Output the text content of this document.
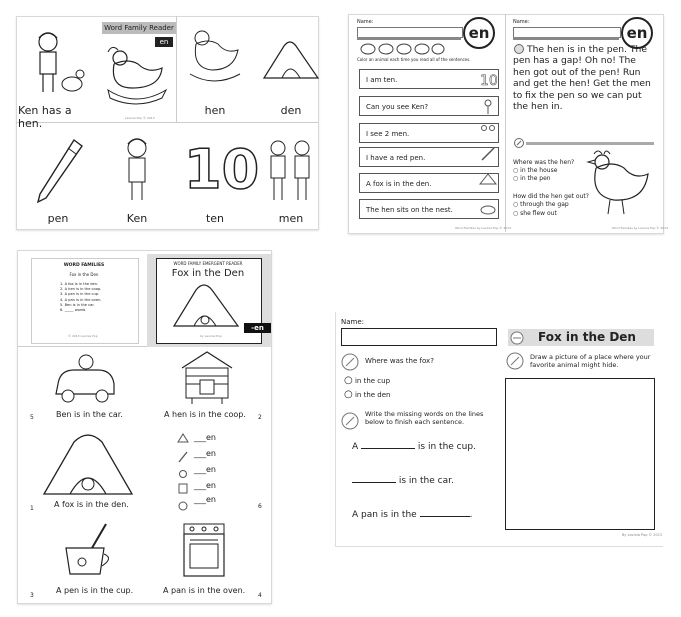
Word Family Reader
en
Ken has a hen.	Lavinia Pop © 2013
hen	den
pen	Ken
10
ten	men
Name:
en
Color an animal each time you read all of the sentences.
I am ten.
Can you see Ken?
I see 2 men.
I have a red pen.
A fox is in the den.
The hen sits on the nest.
10
Word Families by Lavinia Pop © 2013
Name:
en
The hen is in the pen. The pen has a gap! Oh no! The hen got out of the pen! Run and get the hen! Get the men to fix the pen so we can put the hen in.
Where was the hen?
○ in the house
○ in the pen
How did the hen get out?
○ through the gap
○ she flew out
Word Families by Lavinia Pop © 2013
WORD FAMILIES
Fox in the Den
1. A fox is in the den.
2. A hen is in the coop.
3. A pen is in the cup.
4. A pan is in the oven.
5. Ben is in the car.
6. _____ words
© 2013 Lavinia Pop
WORD FAMILY EMERGENT READER
Fox in the Den
-en
by Lavinia Pop
5	Ben is in the car.	A hen is in the coop. 2
1	A fox is in the den.
___en
___en
___en
___en
___en
6
3
A pen is in the cup.	A pan is in the oven.
4
Name:
Fox in the Den
Where was the fox?
○ in the cup
○ in the den
Write the missing words on the lines below to finish each sentence.
A	is in the cup.
is in the car.
A pan is in the	.
Draw a picture of a place where your favorite animal might hide.
By Lavinia Pop © 2013
